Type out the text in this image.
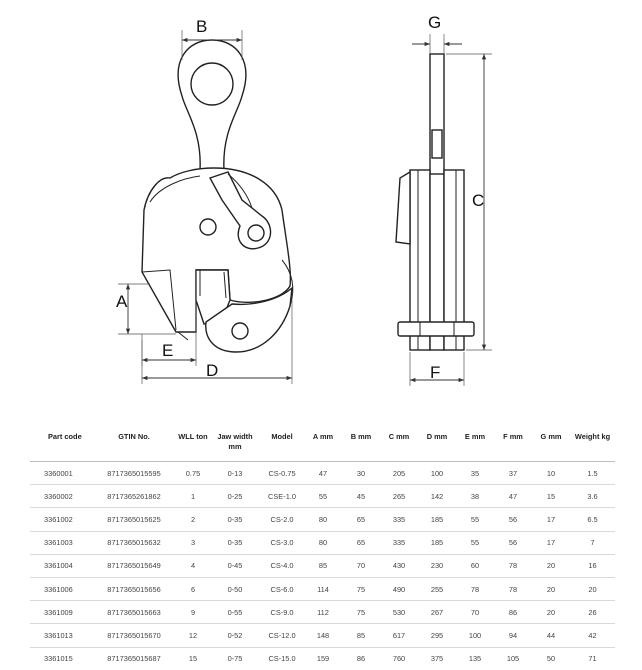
B
A
E
D
G
C
F
Part code	GTIN No.	WLL ton	Jaw width mm	Model	A mm	B mm	C mm	D mm	E mm	F mm	G mm	Weight kg
3360001	8717365015595	0.75	0-13	CS-0.75	47	30	205	100	35	37	10	1.5
3360002	8717365261862	1	0-25	CSE-1.0	55	45	265	142	38	47	15	3.6
3361002	8717365015625	2	0-35	CS-2.0	80	65	335	185	55	56	17	6.5
3361003	8717365015632	3	0-35	CS-3.0	80	65	335	185	55	56	17	7
3361004	8717365015649	4	0-45	CS-4.0	85	70	430	230	60	78	20	16
3361006	8717365015656	6	0-50	CS-6.0	114	75	490	255	78	78	20	20
3361009	8717365015663	9	0-55	CS-9.0	112	75	530	267	70	86	20	26
3361013	8717365015670	12	0-52	CS-12.0	148	85	617	295	100	94	44	42
3361015	8717365015687	15	0-75	CS-15.0	159	86	760	375	135	105	50	71
